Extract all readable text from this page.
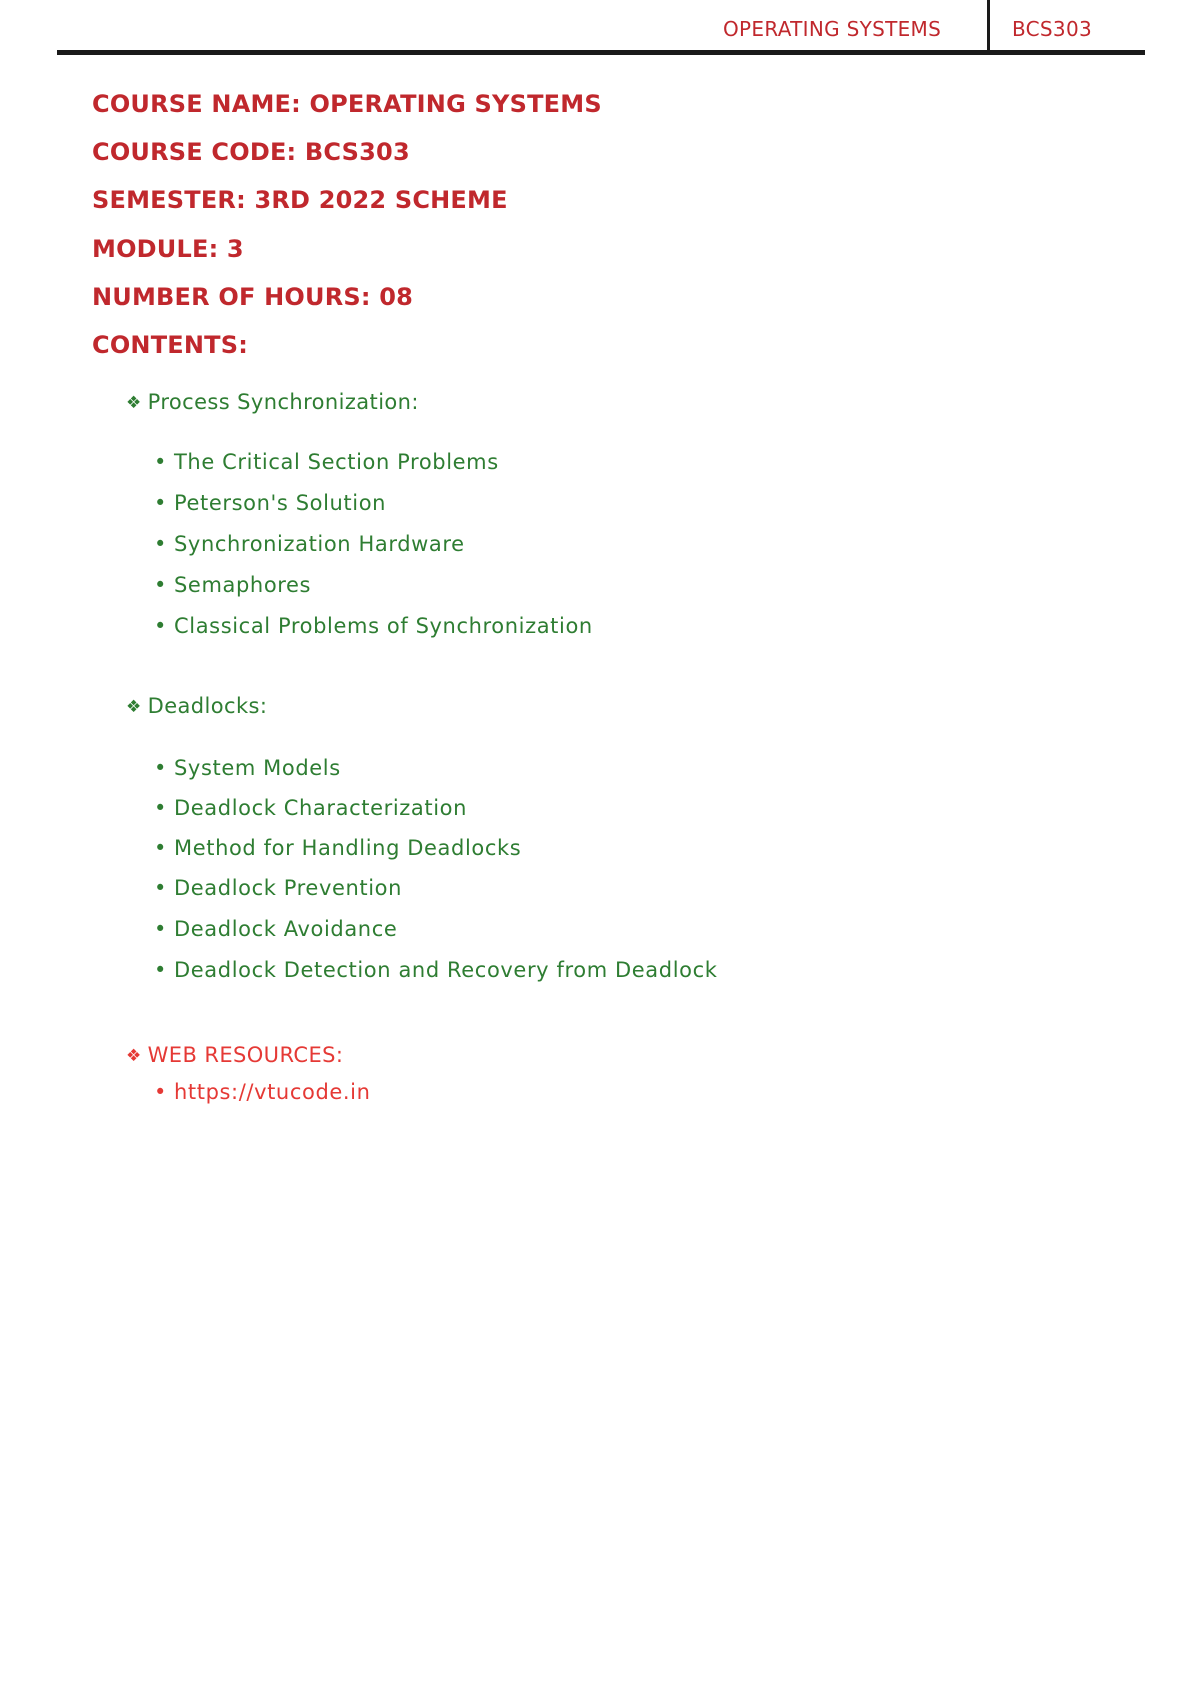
OPERATING SYSTEMS	BCS303
COURSE NAME: OPERATING SYSTEMS
COURSE CODE: BCS303
SEMESTER: 3RD 2022 SCHEME
MODULE: 3
NUMBER OF HOURS: 08
CONTENTS:
❖ Process Synchronization:
• The Critical Section Problems
• Peterson's Solution
• Synchronization Hardware
• Semaphores
• Classical Problems of Synchronization
❖ Deadlocks:
• System Models
• Deadlock Characterization
• Method for Handling Deadlocks
• Deadlock Prevention
• Deadlock Avoidance
• Deadlock Detection and Recovery from Deadlock
❖ WEB RESOURCES:
• https://vtucode.in
